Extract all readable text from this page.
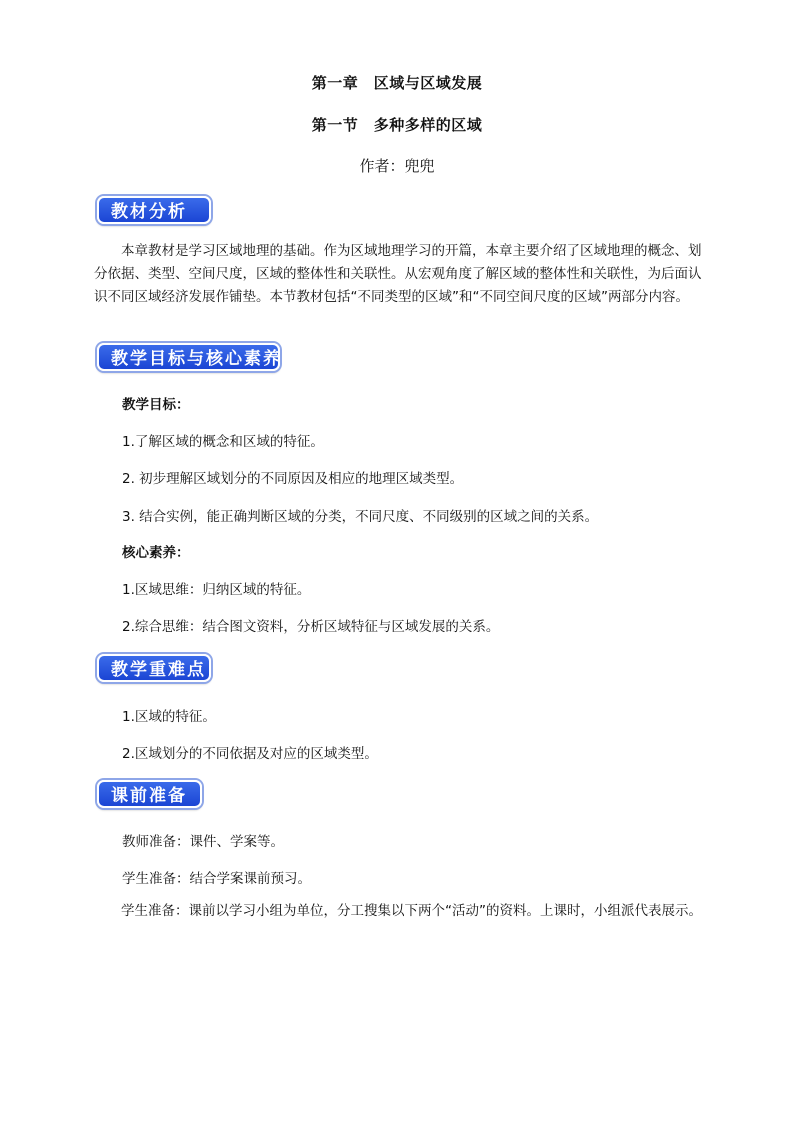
第一章　区域与区域发展
第一节　多种多样的区域
作者：兜兜
教材分析

本章教材是学习区域地理的基础。作为区域地理学习的开篇，本章主要介绍了区域地理的概念、划分依据、类型、空间尺度，区域的整体性和关联性。从宏观角度了解区域的整体性和关联性，为后面认识不同区域经济发展作铺垫。本节教材包括“不同类型的区域”和“不同空间尺度的区域”两部分内容。

教学目标与核心素养
教学目标：
1.了解区域的概念和区域的特征。
2. 初步理解区域划分的不同原因及相应的地理区域类型。
3. 结合实例，能正确判断区域的分类，不同尺度、不同级别的区域之间的关系。
核心素养：
1.区域思维：归纳区域的特征。
2.综合思维：结合图文资料，分析区域特征与区域发展的关系。
教学重难点
1.区域的特征。
2.区域划分的不同依据及对应的区域类型。
课前准备
教师准备：课件、学案等。
学生准备：结合学案课前预习。

学生准备：课前以学习小组为单位，分工搜集以下两个“活动”的资料。上课时，小组派代表展示。
